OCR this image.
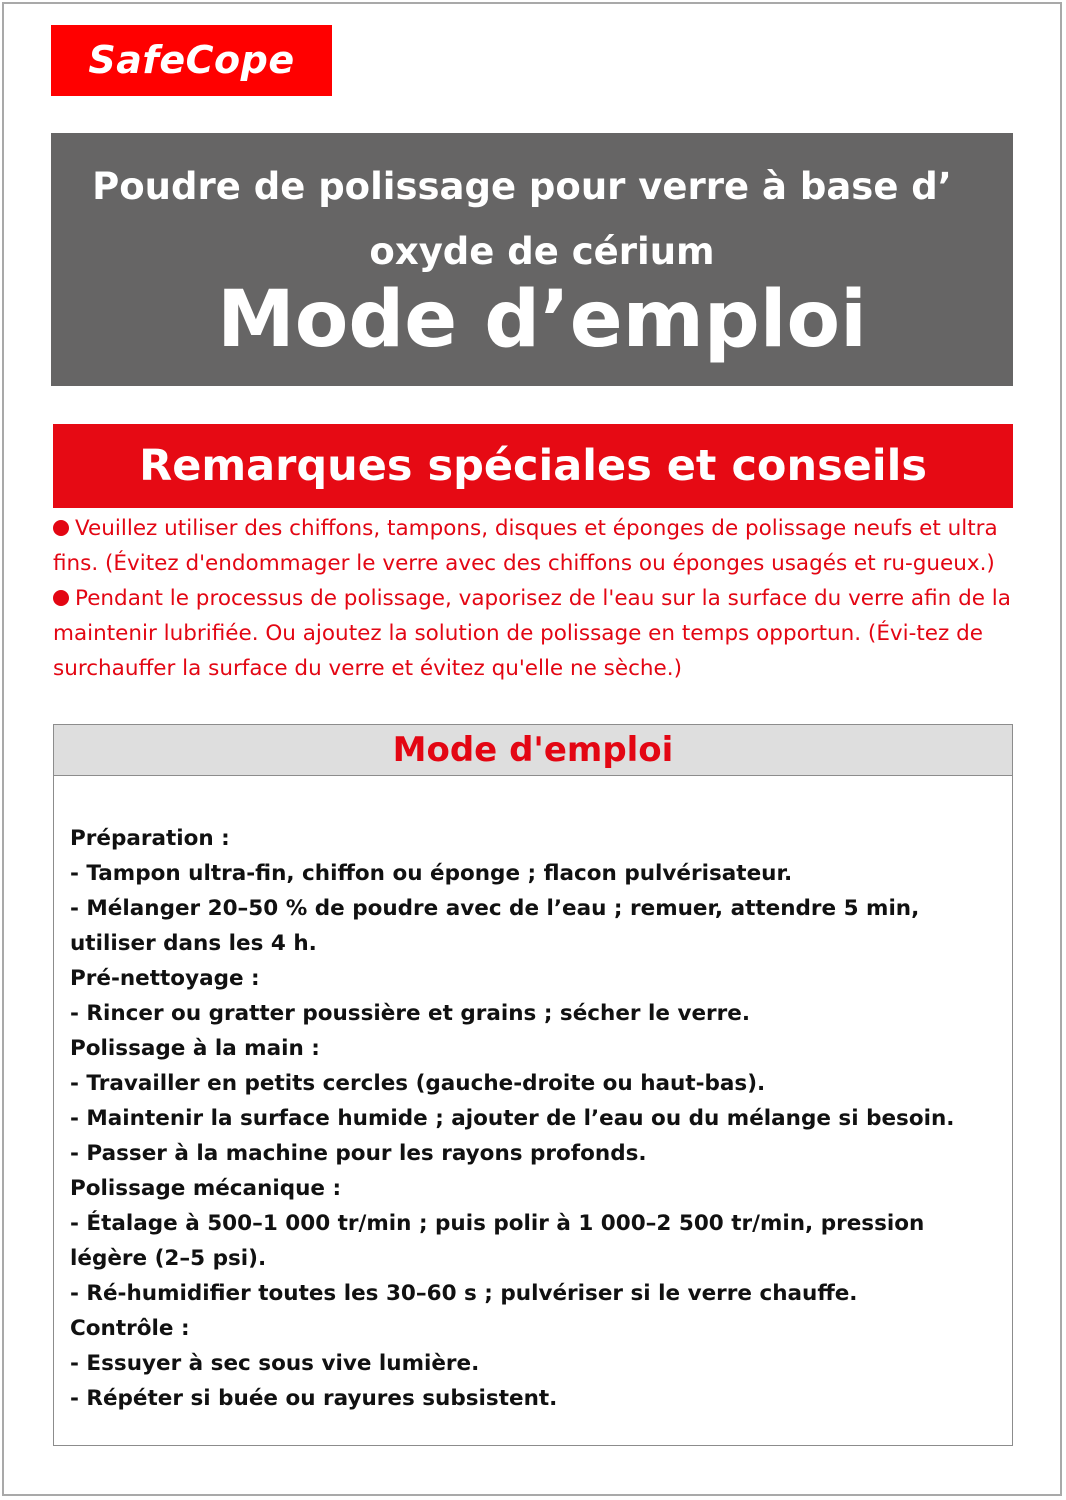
SafeCope
Poudre de polissage pour verre à base d’
oxyde de cérium
Mode d’emploi
Remarques spéciales et conseils

Veuillez utiliser des chiffons, tampons, disques et éponges de polissage neufs et ultra fins. (Évitez d'endommager le verre avec des chiffons ou éponges usagés et ru-gueux.)

Pendant le processus de polissage, vaporisez de l'eau sur la surface du verre afin de la maintenir lubrifiée. Ou ajoutez la solution de polissage en temps opportun. (Évi-tez de surchauffer la surface du verre et évitez qu'elle ne sèche.)

Mode d'emploi

Préparation :

- Tampon ultra-fin, chiffon ou éponge ; flacon pulvérisateur.

- Mélanger 20–50 % de poudre avec de l’eau ; remuer, attendre 5 min, utiliser dans les 4 h.

Pré-nettoyage :

- Rincer ou gratter poussière et grains ; sécher le verre.

Polissage à la main :

- Travailler en petits cercles (gauche-droite ou haut-bas).

- Maintenir la surface humide ; ajouter de l’eau ou du mélange si besoin.

- Passer à la machine pour les rayons profonds.

Polissage mécanique :

- Étalage à 500–1 000 tr/min ; puis polir à 1 000–2 500 tr/min, pression légère (2–5 psi).

- Ré-humidifier toutes les 30–60 s ; pulvériser si le verre chauffe.

Contrôle :

- Essuyer à sec sous vive lumière.

- Répéter si buée ou rayures subsistent.
